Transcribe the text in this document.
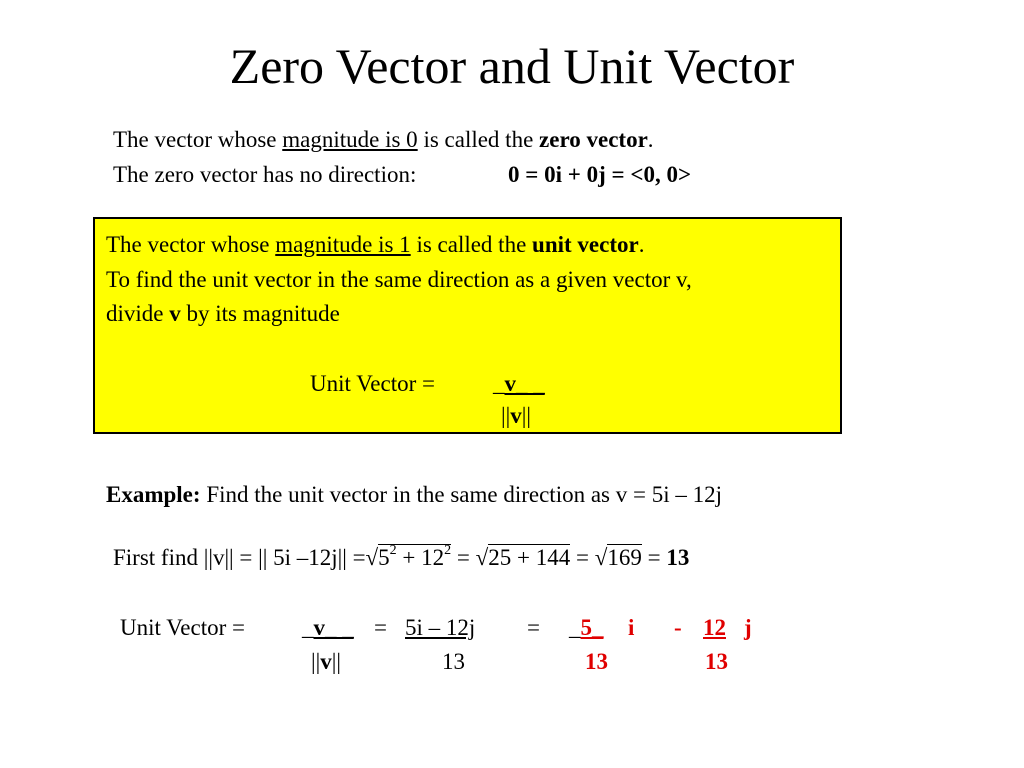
Zero Vector and Unit Vector
The vector whose magnitude is 0 is called the zero vector.
The zero vector has no direction:	0 = 0i + 0j = <0, 0>
The vector whose magnitude is 1 is called the unit vector.
To find the unit vector in the same direction as a given vector v,
divide v by its magnitude
Unit Vector =	_v_ _
||v||
Example: Find the unit vector in the same direction as v = 5i – 12j
First find ||v|| = || 5i $-12j|| =√5^2 + 12^2 = √25 + 144 = √169 = 13$
Unit Vector = _v_ _ = 5i – 12j = _5_ i - 12 j
||v||	13	13	13
